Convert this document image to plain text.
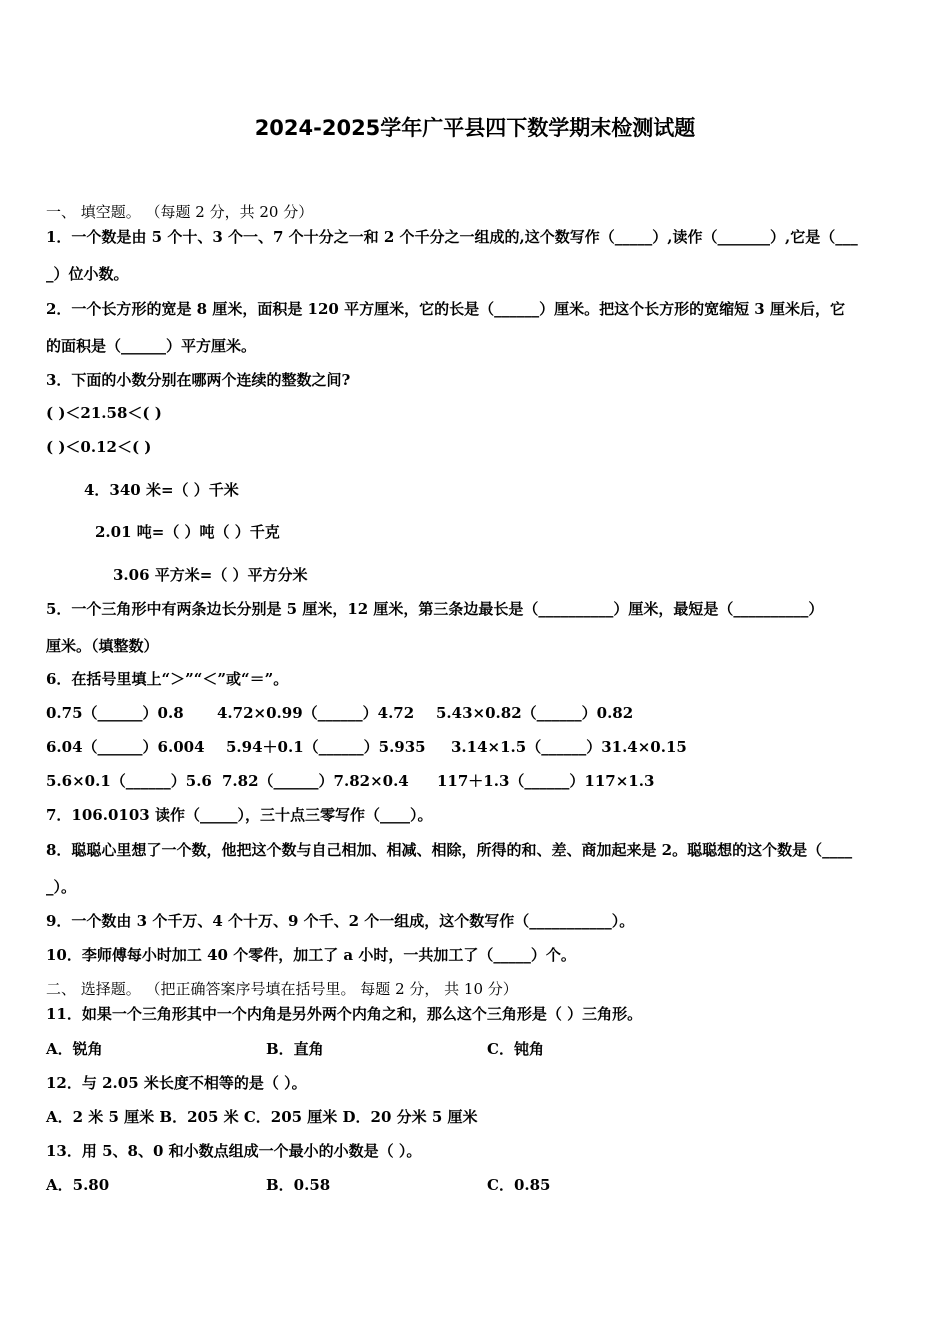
2024-2025学年广平县四下数学期末检测试题
一、 填空题。 （每题 2 分，共 20 分）
1．一个数是由 5 个十、3 个一、7 个十分之一和 2 个千分之一组成的,这个数写作（_____）,读作（_______）,它是（___
_）位小数。
2．一个长方形的宽是 8 厘米，面积是 120 平方厘米，它的长是（______）厘米。把这个长方形的宽缩短 3 厘米后，它
的面积是（______）平方厘米。
3．下面的小数分别在哪两个连续的整数之间?
( )＜21.58＜( )
( )＜0.12＜( )
4．340 米=（ ）千米
2.01 吨=（ ）吨（ ）千克
3.06 平方米=（ ）平方分米
5．一个三角形中有两条边长分别是 5 厘米，12 厘米，第三条边最长是（__________）厘米，最短是（__________）
厘米。（填整数）
6．在括号里填上“＞”“＜”或“＝”。
0.75（______）0.8 4.72×0.99（______）4.72 5.43×0.82（______）0.82
6.04（______）6.004 5.94＋0.1（______）5.935 3.14×1.5（______）31.4×0.15
5.6×0.1（______）5.6 7.82（______）7.82×0.4 117＋1.3（______）117×1.3
7．106.0103 读作（_____），三十点三零写作（____）。
8．聪聪心里想了一个数，他把这个数与自己相加、相减、相除，所得的和、差、商加起来是 2。聪聪想的这个数是（____
_）。
9．一个数由 3 个千万、4 个十万、9 个千、2 个一组成，这个数写作（___________）。
10．李师傅每小时加工 40 个零件，加工了 a 小时，一共加工了（_____）个。
二、 选择题。 （把正确答案序号填在括号里。 每题 2 分， 共 10 分）
11．如果一个三角形其中一个内角是另外两个内角之和，那么这个三角形是（ ）三角形。
A．锐角	B．直角	C．钝角
12．与 2.05 米长度不相等的是（ ）。
A．2 米 5 厘米 B．205 米 C．205 厘米 D．20 分米 5 厘米
13．用 5、8、0 和小数点组成一个最小的小数是（ ）。
A．5.80	B．0.58	C．0.85
